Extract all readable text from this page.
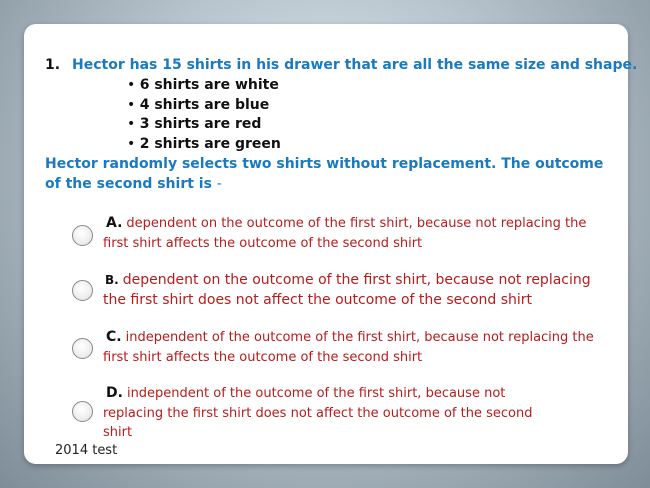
1. Hector has 15 shirts in his drawer that are all the same size and shape.
• 6 shirts are white
• 4 shirts are blue
• 3 shirts are red
• 2 shirts are green
Hector randomly selects two shirts without replacement. The outcome of the second shirt is -
A. dependent on the outcome of the first shirt, because not replacing the first shirt affects the outcome of the second shirt
B. dependent on the outcome of the first shirt, because not replacing the first shirt does not affect the outcome of the second shirt
C. independent of the outcome of the first shirt, because not replacing the first shirt affects the outcome of the second shirt
D. independent of the outcome of the first shirt, because not replacing the first shirt does not affect the outcome of the second shirt
2014 test
